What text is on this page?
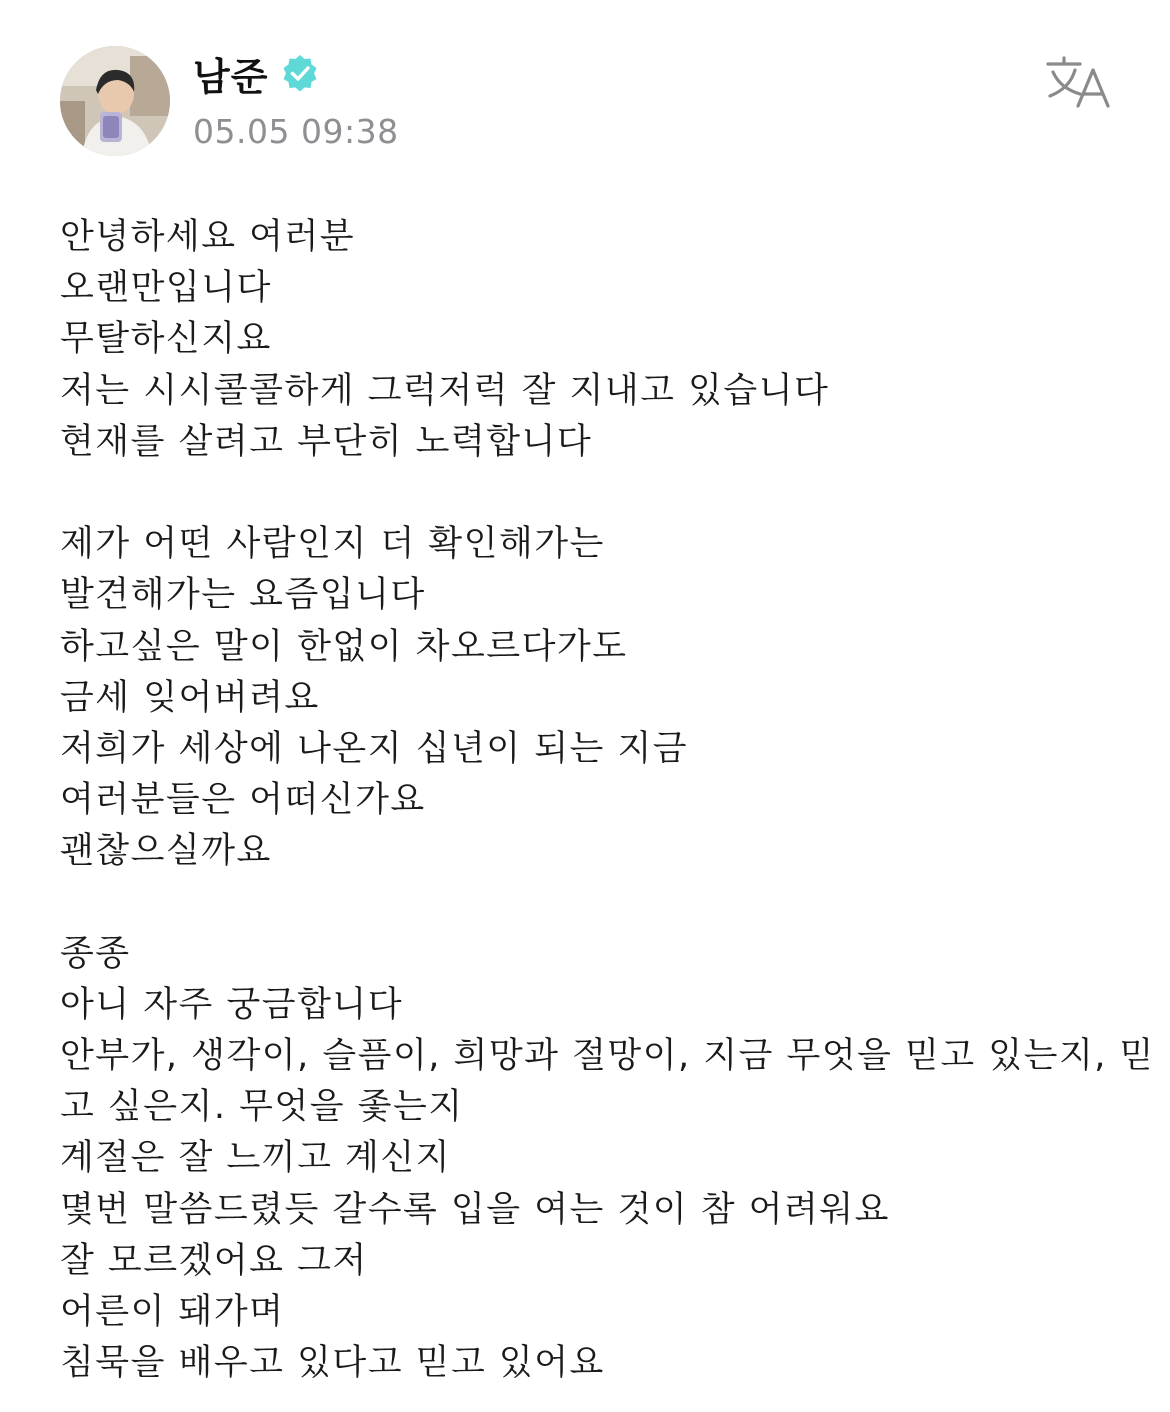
남준
05.05 09:38
안녕하세요 여러분
오랜만입니다
무탈하신지요
저는 시시콜콜하게 그럭저럭 잘 지내고 있습니다
현재를 살려고 부단히 노력합니다
제가 어떤 사람인지 더 확인해가는
발견해가는 요즘입니다
하고싶은 말이 한없이 차오르다가도
금세 잊어버려요
저희가 세상에 나온지 십년이 되는 지금
여러분들은 어떠신가요
괜찮으실까요
종종
아니 자주 궁금합니다
안부가, 생각이, 슬픔이, 희망과 절망이, 지금 무엇을 믿고 있는지, 믿
고 싶은지. 무엇을 좇는지
계절은 잘 느끼고 계신지
몇번 말씀드렸듯 갈수록 입을 여는 것이 참 어려워요
잘 모르겠어요 그저
어른이 돼가며
침묵을 배우고 있다고 믿고 있어요
